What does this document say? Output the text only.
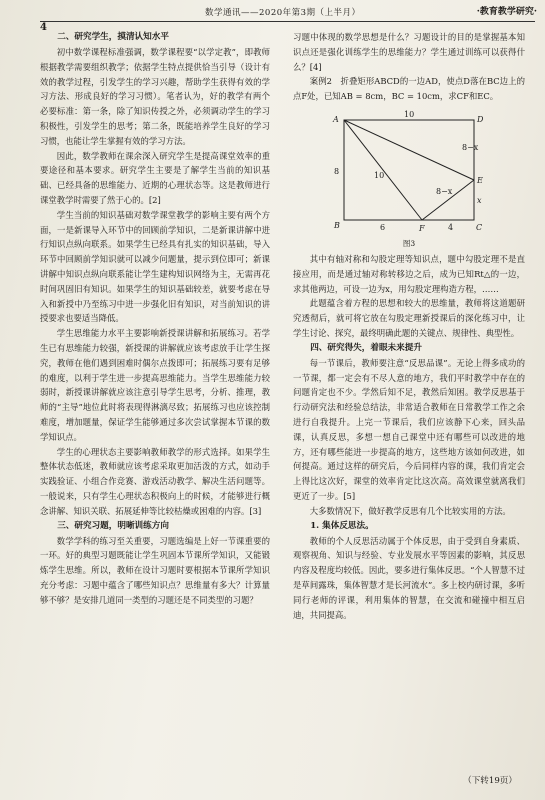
4
数学通讯——2020年第3期（上半月）	·教育教学研究·
二、研究学生，摸清认知水平

初中数学课程标准强调，数学课程要“以学定教”，即教师根据教学需要组织教学；依据学生特点提供恰当引导（设计有效的教学过程，引发学生的学习兴趣，帮助学生获得有效的学习方法、形成良好的学习习惯）。笔者认为，好的教学有两个必要标准：第一条，除了知识传授之外，必须调动学生的学习积极性，引发学生的思考；第二条，既能培养学生良好的学习习惯，也能让学生掌握有效的学习方法。

因此，数学教师在课余深入研究学生是提高课堂效率的重要途径和基本要求。研究学生主要是了解学生当前的知识基础、已经具备的思维能力、近期的心理状态等。这是教师进行课堂教学时需要了然于心的。[2]

学生当前的知识基础对数学课堂教学的影响主要有两个方面，一是新课导入环节中的回顾前学知识，二是新课讲解中进行知识点纵向联系。如果学生已经具有扎实的知识基础，导入环节中回顾前学知识就可以减少问题量，提示到位即可；新课讲解中知识点纵向联系能让学生建构知识网络为主，无需再花时间巩固旧有知识。如果学生的知识基础较差，就要考虑在导入和新授中乃至练习中进一步强化旧有知识，对当前知识的讲授要求也要适当降低。

学生思维能力水平主要影响新授课讲解和拓展练习。若学生已有思维能力较强，新授课的讲解就应该考虑放手让学生探究，教师在他们遇到困难时偶尔点拨即可；拓展练习要有足够的难度，以利于学生进一步提高思维能力。当学生思维能力较弱时，新授课讲解就应该注意引导学生思考，分析、推理，教师的“主导”地位此时将表现得淋漓尽致；拓展练习也应该控制难度，增加题量，保证学生能够通过多次尝试掌握本节课的数学知识点。

学生的心理状态主要影响教师教学的形式选择。如果学生整体状态低迷，教师就应该考虑采取更加活泼的方式，如动手实践验证、小组合作竞赛、游戏活动教学、解决生活问题等。一般说来，只有学生心理状态积极向上的时候，才能够进行概念讲解、知识关联、拓展延伸等比较枯燥或困难的内容。[3]

三、研究习题，明晰训练方向

数学学科的练习至关重要，习题选编是上好一节课重要的一环。好的典型习题既能让学生巩固本节课所学知识，又能锻炼学生思维。所以，教师在设计习题时要根据本节课所学知识充分考虑：习题中蕴含了哪些知识点？思维量有多大？计算量够不够？是安排几道同一类型的习题还是不同类型的习题？

习题中体现的数学思想是什么？习题设计的目的是掌握基本知识点还是强化训练学生的思维能力？学生通过训练可以获得什么？[4]

案例2　折叠矩形ABCD的一边AD，使点D落在BC边上的点F处，已知AB = 8cm，BC = 10cm，求CF和EC。

A	D
B	C
E
F
10
8	10
8−x
8−x
6	4
x
图3

其中有轴对称和勾股定理等知识点，题中勾股定理不是直接应用，而是通过轴对称转移边之后，成为已知Rt△的一边，求其他两边，可设一边为x，用勾股定理构造方程，……

此题蕴含着方程的思想和较大的思维量，教师将这道题研究透彻后，就可将它放在勾股定理新授课后的深化练习中，让学生讨论、探究，最终明确此题的关键点、规律性、典型性。

四、研究得失，着眼未来提升

每一节课后，教师要注意“反思品课”。无论上得多成功的一节课，都一定会有不尽人意的地方，我们平时教学中存在的问题肯定也不少。学然后知不足，教然后知困。教学反思基于行动研究法和经验总结法，非常适合教师在日常教学工作之余进行自我提升。上完一节课后，我们应该静下心来，回头品课，认真反思，多想一想自己课堂中还有哪些可以改进的地方，还有哪些能进一步提高的地方，这些地方该如何改进，如何提高。通过这样的研究后，今后同样内容的课，我们肯定会上得比这次好，课堂的效率肯定比这次高。高效课堂就离我们更近了一步。[5]

大多数情况下，做好教学反思有几个比较实用的方法。

1. 集体反思法。

教师的个人反思活动属于个体反思，由于受到自身素质、观察视角、知识与经验、专业发展水平等因素的影响，其反思内容及程度均较低。因此，要多进行集体反思。“个人智慧不过是草间露珠，集体智慧才是长河流水”。多上校内研讨课，多听同行老师的评课，利用集体的智慧，在交流和碰撞中相互启迪，共同提高。

（下转19页）
